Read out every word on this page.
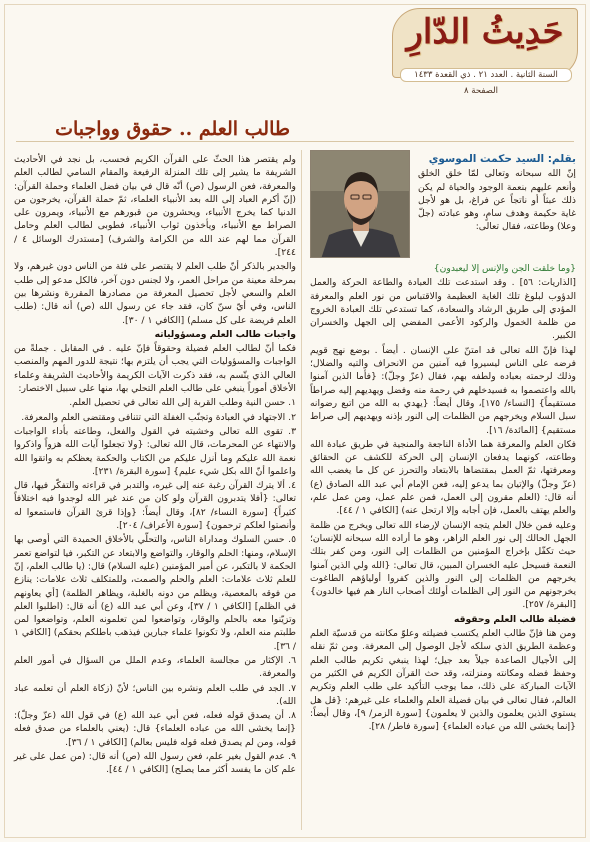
حَدِيثُ الدّارِ
السنة الثانية . العدد ٢١ . ذي القعدة ١٤٣٣
الصفحة ٨
طالب العلم .. حقوق وواجبات

بقلم: السيد حكمت الموسوي

إنّ الله سبحانه وتعالى لمّا خلق الخلق وأنعم عليهم بنعمة الوجود والحياة لم يكن ذلك عبثاً أو ناتجاً عن فراغ، بل هو لأجل غاية حكيمة وهدف سامٍ، وهو عبادته (جلّ وعلا) وطاعته، فقال تعالى:

{وما خلقت الجن والإنس إلا ليعبدون}

[الذاريات: ٥٦] . وقد استدعت تلك العبادة والطاعة الحركة والعمل الدؤوب لبلوغ تلك الغاية العظيمة والاقتباس من نور العلم والمعرفة المؤدي إلى طريق الرشاد والسعادة، كما تستدعي تلك العبادة الخروج من ظلمة الخمول والركود الأعمى المفضي إلى الجهل والخسران الكبير.

لهذا فإنّ الله تعالى قد امتنّ على الإنسان . أيضاً . بوضع نهج قويم فرضه على الناس ليسيروا فيه آمنين من الانحراف والتيه والضلال؛ وذلك لرحمته بعباده ولطفه بهم، فقال (عزّ وجلّ): {فأما الذين آمنوا بالله واعتصموا به فسيدخلهم في رحمة منه وفضل ويهديهم إليه صراطاً مستقيماً} [النساء/ ١٧٥]، وقال أيضاً: {يهدي به الله من اتبع رضوانه سبل السلام ويخرجهم من الظلمات إلى النور بإذنه ويهديهم إلى صراط مستقيم} [المائدة/ ١٦].

فكان العلم والمعرفة هما الأداة الناجعة والمنجية في طريق عبادة الله وطاعته، كونهما يدفعان الإنسان إلى الحركة للكشف عن الحقائق ومعرفتها، ثمّ العمل بمقتضاها بالابتعاد والتحرز عن كل ما يغضب الله (عزّ وجلّ) والإتيان بما يدعو إليه، فعن الإمام أبي عبد الله الصادق (ع) أنه قال: (العلم مقرون إلى العمل، فمن علم عمل، ومن عمل علم، والعلم يهتف بالعمل، فإن أجابه وإلا ارتحل عنه) [الكافي ١ / ٤٤].

وعليه فمن خلال العلم يتجه الإنسان لإرضاء الله تعالى ويخرج من ظلمة الجهل الحالك إلى نور العلم الزاهر، وهو ما أراده الله سبحانه للإنسان؛ حيث تكفّل بإخراج المؤمنين من الظلمات إلى النور، ومن كفر بتلك النعمة فسيحل عليه الخسران المبين، قال تعالى: {الله ولي الذين آمنوا يخرجهم من الظلمات إلى النور والذين كفروا أولياؤهم الطاغوت يخرجونهم من النور إلى الظلمات أولئك أصحاب النار هم فيها خالدون} [البقرة/ ٢٥٧].

فضيلة طالب العلم وحقوقه

ومن هنا فإنّ طالب العلم يكتسب فضيلته وعلوّ مكانته من قدسيّة العلم وعظمة الطريق الذي سلكه لأجل الوصول إلى المعرفة. ومن ثمّ نقله إلى الأجيال الصاعدة جيلاً بعد جيل؛ لهذا ينبغي تكريم طالب العلم وحفظ فضله ومكانته ومنزلته، وقد حث القرآن الكريم في الكثير من الآيات المباركة على ذلك، مما يوجب التأكيد على طلب العلم وتكريم العالم، فقال تعالى في بيان فضيلة العلم والعلماء على غيرهم: {قل هل يستوي الذين يعلمون والذين لا يعلمون} [سورة الزمر/ ٩]، وقال أيضاً: {إنما يخشى الله من عباده العلماء} [سورة فاطر/ ٢٨].

ولم يقتصر هذا الحثّ على القرآن الكريم فحسب، بل نجد في الأحاديث الشريفة ما يشير إلى تلك المنزلة الرفيعة والمقام السامي لطالب العلم والمعرفة، فعن الرسول (ص) أنّه قال في بيان فضل العلماء وحملة القرآن: (إنّ أكرم العباد إلى الله بعد الأنبياء العلماء، ثمّ حملة القرآن، يخرجون من الدنيا كما يخرج الأنبياء، ويحشرون من قبورهم مع الأنبياء، ويمرون على الصراط مع الأنبياء، ويأخذون ثواب الأنبياء، فطوبى لطالب العلم وحامل القرآن مما لهم عند الله من الكرامة والشرف) [مستدرك الوسائل ٤ / ٢٤٤].

والجدير بالذكر أنّ طلب العلم لا يقتصر على فئة من الناس دون غيرهم، ولا بمرحلة معينة من مراحل العمر، ولا لجنس دون آخر، فالكل مدعو إلى طلب العلم والسعي لأجل تحصيل المعرفة من مصادرها المقررة ونشرها بين الناس، وفي أيّ سنّ كان، فقد جاء عن رسول الله (ص) أنه قال: (طلب العلم فريضة على كل مسلم) [الكافي ١ / ٣٠].

واجبات طالب العلم ومسؤولياته

فكما أنّ لطالب العلم فضيلة وحقوقاً فإنّ عليه . في المقابل . جملةً من الواجبات والمسؤوليات التي يجب أن يلتزم بها؛ نتيجة للدور المهم والمنصب العالي الذي يتّسم به، فقد ذكرت الآيات الكريمة والأحاديث الشريفة وعلماء الأخلاق أموراً ينبغي على طالب العلم التحلي بها، منها على سبيل الاختصار:

١. حسن النية وطلب القربة إلى الله تعالى في تحصيل العلم.

٢. الاجتهاد في العبادة وتجنّب الغفلة التي تتنافى ومقتضى العلم والمعرفة.

٣. تقوى الله تعالى وخشيته في القول والفعل، وطاعته بأداء الواجبات والانتهاء عن المحرمات، قال الله تعالى: {ولا تجعلوا آيات الله هزواً واذكروا نعمة الله عليكم وما أنزل عليكم من الكتاب والحكمة يعظكم به واتقوا الله واعلموا أنّ الله بكل شيء عليم} [سورة البقرة/ ٢٣١].

٤. ألا يترك القرآن رغبة عنه إلى غيره، والتدبر في قراءته والتفكّر فيها، قال تعالى: {أفلا يتدبرون القرآن ولو كان من عند غير الله لوجدوا فيه اختلافاً كثيراً} [سورة النساء/ ٨٢]، وقال أيضاً: {وإذا قرئ القرآن فاستمعوا له وأنصتوا لعلكم ترحمون} [سورة الأعراف/ ٢٠٤].

٥. حسن السلوك ومداراة الناس، والتحلّي بالأخلاق الحميدة التي أوصى بها الإسلام، ومنها: الحلم والوقار، والتواضع والابتعاد عن التكبر، فيا لتواضع تعمر الحكمة لا بالتكبر، عن أمير المؤمنين (عليه السلام) قال: (يا طالب العلم، إنّ للعلم ثلاث علامات: العلم والحلم والصمت، وللمتكلف ثلاث علامات: ينازع من فوقه بالمعصية، ويظلم من دونه بالغلبة، ويظاهر الظلمة) [أي يعاونهم في الظلم] [الكافي ١ / ٣٧]، وعن أبي عبد الله (ع) أنه قال: (اطلبوا العلم وتزيّنوا معه بالحلم والوقار، وتواضعوا لمن تعلمونه العلم، وتواضعوا لمن طلبتم منه العلم، ولا تكونوا علماء جبارين فيذهب باطلكم بحقكم) [الكافي ١ / ٣٦].

٦. الإكثار من مجالسة العلماء، وعدم الملل من السؤال في أمور العلم والمعرفة.

٧. الجد في طلب العلم ونشره بين الناس؛ لأنّ (زكاة العلم أن تعلمه عباد الله).

٨. أن يصدق قوله فعله، فعن أبي عبد الله (ع) في قول الله (عزّ وجلّ): {إنما يخشى الله من عباده العلماء} قال: (يعني بالعلماء من صدق فعله قوله، ومن لم يصدق فعله قوله فليس بعالم) [الكافي ١ / ٣٦].

٩. عدم القول بغير علم، فعن رسول الله (ص) أنه قال: (من عمل على غير علم كان ما يفسد أكثر مما يصلح) [الكافي ١ / ٤٤].
